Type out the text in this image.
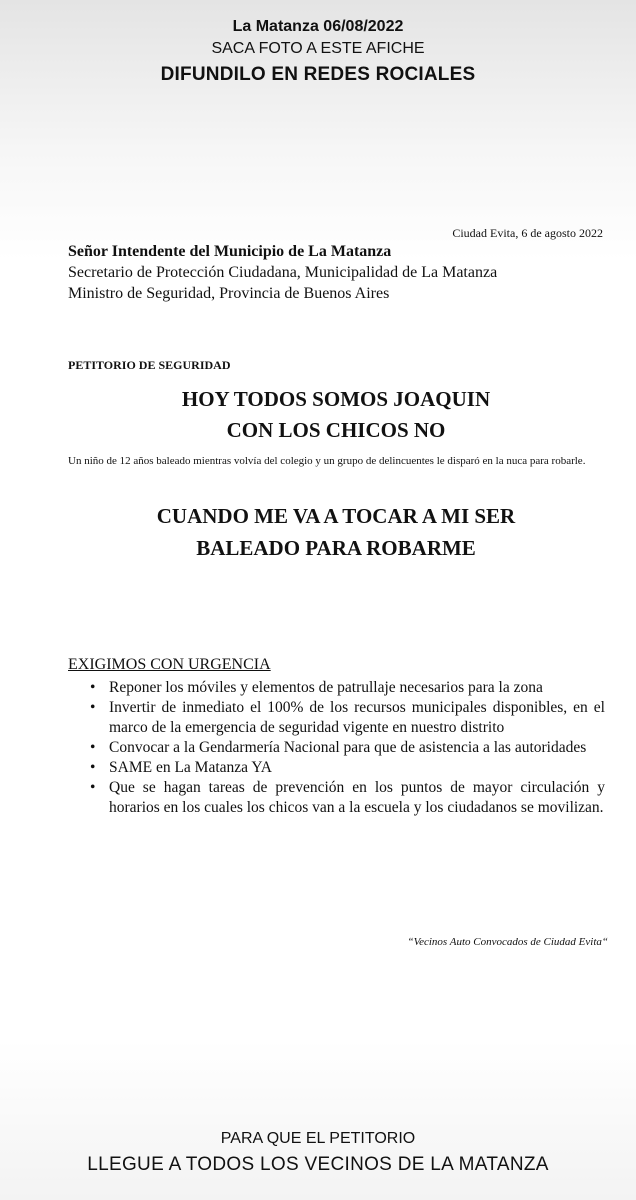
La Matanza 06/08/2022
SACA FOTO A ESTE AFICHE
DIFUNDILO EN REDES ROCIALES
Ciudad Evita, 6 de agosto 2022
Señor Intendente del Municipio de La Matanza
Secretario de Protección Ciudadana, Municipalidad de La Matanza
Ministro de Seguridad, Provincia de Buenos Aires
PETITORIO DE SEGURIDAD
HOY TODOS SOMOS JOAQUIN
CON LOS CHICOS NO
Un niño de 12 años baleado mientras volvía del colegio y un grupo de delincuentes le disparó en la nuca para robarle.
CUANDO ME VA A TOCAR A MI SER
BALEADO PARA ROBARME
EXIGIMOS CON URGENCIA
• Reponer los móviles y elementos de patrullaje necesarios para la zona
• Invertir de inmediato el 100% de los recursos municipales disponibles, en el marco de la emergencia de seguridad vigente en nuestro distrito
• Convocar a la Gendarmería Nacional para que de asistencia a las autoridades
• SAME en La Matanza YA
• Que se hagan tareas de prevención en los puntos de mayor circulación y horarios en los cuales los chicos van a la escuela y los ciudadanos se movilizan.
“Vecinos Auto Convocados de Ciudad Evita“
PARA QUE EL PETITORIO
LLEGUE A TODOS LOS VECINOS DE LA MATANZA
